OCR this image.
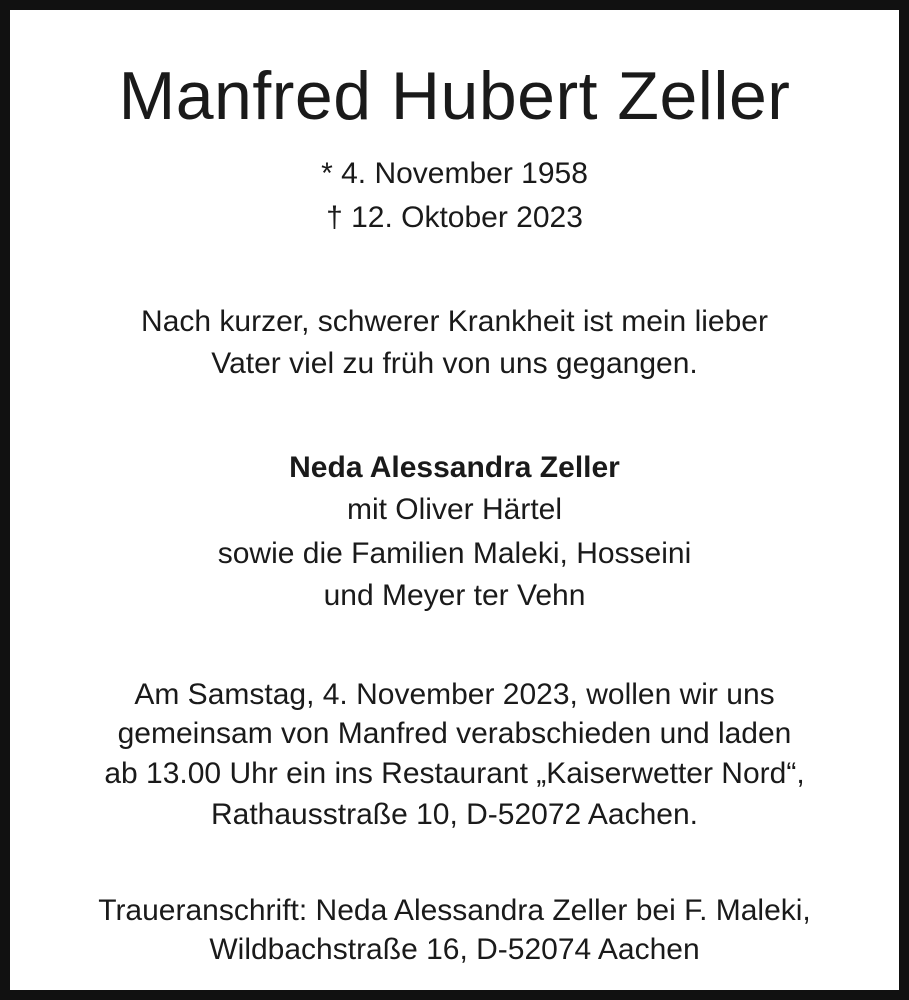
Manfred Hubert Zeller

* 4. November 1958

† 12. Oktober 2023

Nach kurzer, schwerer Krankheit ist mein lieber

Vater viel zu früh von uns gegangen.

Neda Alessandra Zeller

mit Oliver Härtel

sowie die Familien Maleki, Hosseini

und Meyer ter Vehn

Am Samstag, 4. November 2023, wollen wir uns

gemeinsam von Manfred verabschieden und laden

ab 13.00 Uhr ein ins Restaurant „Kaiserwetter Nord“,

Rathausstraße 10, D-52072 Aachen.

Traueranschrift: Neda Alessandra Zeller bei F. Maleki,

Wildbachstraße 16, D-52074 Aachen
